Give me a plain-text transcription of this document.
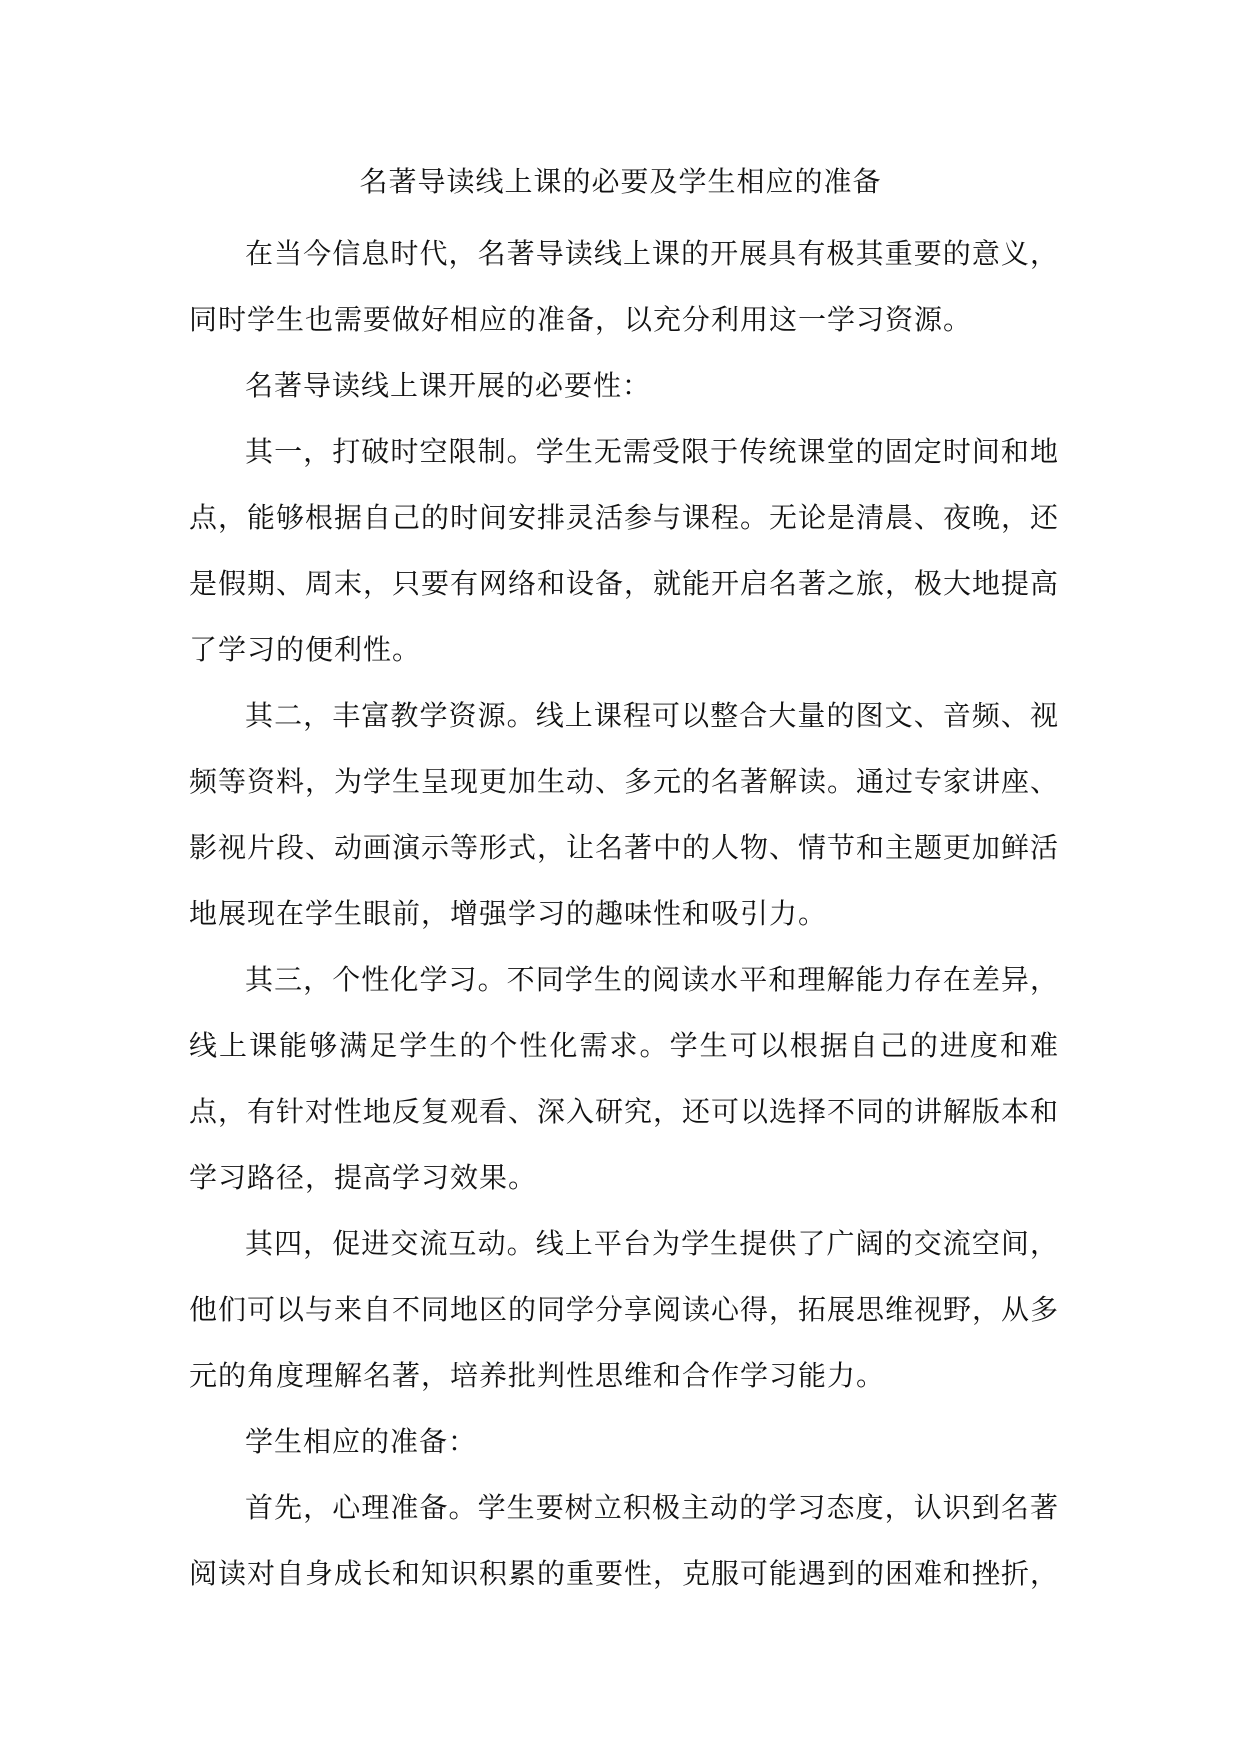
名著导读线上课的必要及学生相应的准备

在当今信息时代，名著导读线上课的开展具有极其重要的意义，同时学生也需要做好相应的准备，以充分利用这一学习资源。

名著导读线上课开展的必要性：

其一，打破时空限制。学生无需受限于传统课堂的固定时间和地点，能够根据自己的时间安排灵活参与课程。无论是清晨、夜晚，还是假期、周末，只要有网络和设备，就能开启名著之旅，极大地提高了学习的便利性。

其二，丰富教学资源。线上课程可以整合大量的图文、音频、视频等资料，为学生呈现更加生动、多元的名著解读。通过专家讲座、影视片段、动画演示等形式，让名著中的人物、情节和主题更加鲜活地展现在学生眼前，增强学习的趣味性和吸引力。

其三，个性化学习。不同学生的阅读水平和理解能力存在差异，线上课能够满足学生的个性化需求。学生可以根据自己的进度和难点，有针对性地反复观看、深入研究，还可以选择不同的讲解版本和学习路径，提高学习效果。

其四，促进交流互动。线上平台为学生提供了广阔的交流空间，他们可以与来自不同地区的同学分享阅读心得，拓展思维视野，从多元的角度理解名著，培养批判性思维和合作学习能力。

学生相应的准备：

首先，心理准备。学生要树立积极主动的学习态度，认识到名著阅读对自身成长和知识积累的重要性，克服可能遇到的困难和挫折，
